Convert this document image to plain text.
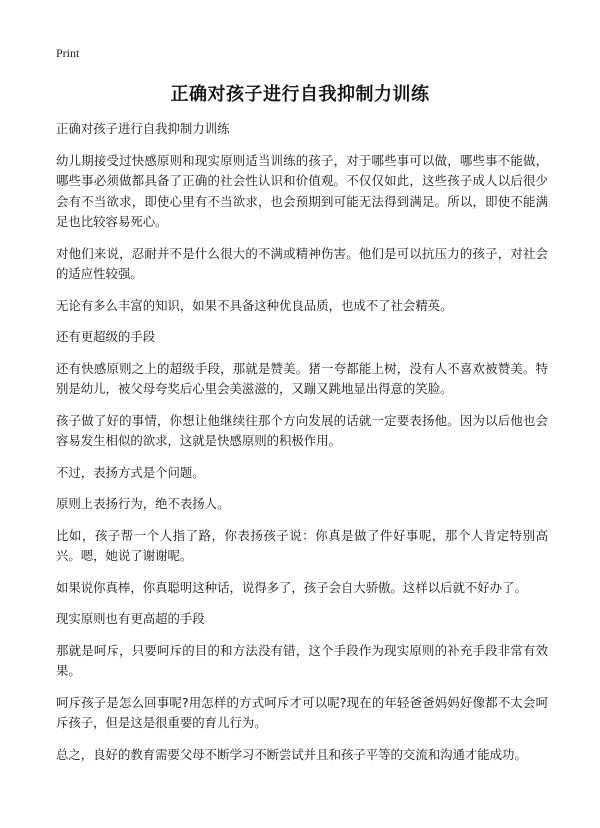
Print
正确对孩子进行自我抑制力训练

正确对孩子进行自我抑制力训练

幼儿期接受过快感原则和现实原则适当训练的孩子，对于哪些事可以做，哪些事不能做，哪些事必须做都具备了正确的社会性认识和价值观。不仅仅如此，这些孩子成人以后很少会有不当欲求，即使心里有不当欲求，也会预期到可能无法得到满足。所以，即使不能满足也比较容易死心。

对他们来说，忍耐并不是什么很大的不满或精神伤害。他们是可以抗压力的孩子，对社会的适应性较强。

无论有多么丰富的知识，如果不具备这种优良品质，也成不了社会精英。

还有更超级的手段

还有快感原则之上的超级手段，那就是赞美。猪一夸都能上树，没有人不喜欢被赞美。特别是幼儿，被父母夸奖后心里会美滋滋的，又蹦又跳地显出得意的笑脸。

孩子做了好的事情，你想让他继续往那个方向发展的话就一定要表扬他。因为以后他也会容易发生相似的欲求，这就是快感原则的积极作用。

不过，表扬方式是个问题。

原则上表扬行为，绝不表扬人。

比如，孩子帮一个人指了路，你表扬孩子说：你真是做了件好事呢，那个人肯定特别高兴。嗯，她说了谢谢呢。

如果说你真棒，你真聪明这种话，说得多了，孩子会自大骄傲。这样以后就不好办了。

现实原则也有更高超的手段

那就是呵斥，只要呵斥的目的和方法没有错，这个手段作为现实原则的补充手段非常有效果。

呵斥孩子是怎么回事呢?用怎样的方式呵斥才可以呢?现在的年轻爸爸妈妈好像都不太会呵斥孩子，但是这是很重要的育儿行为。

总之，良好的教育需要父母不断学习不断尝试并且和孩子平等的交流和沟通才能成功。
